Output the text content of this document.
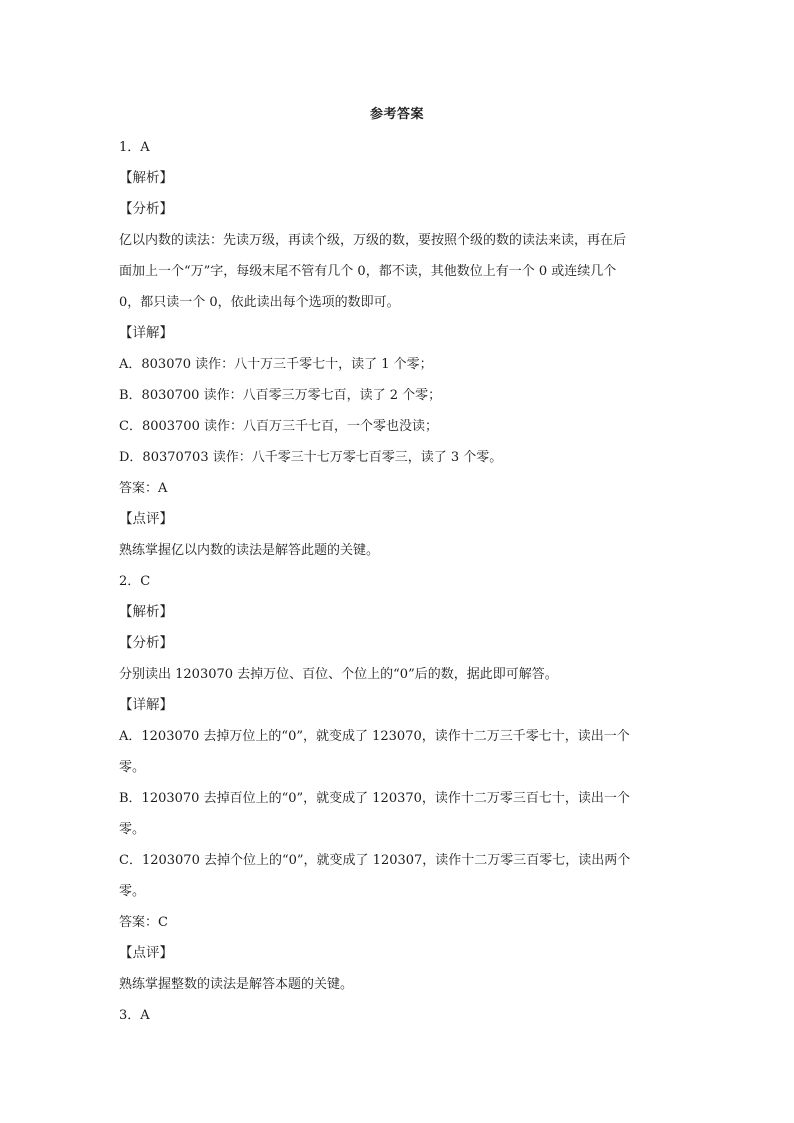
参考答案
1．A
【解析】
【分析】
亿以内数的读法：先读万级，再读个级，万级的数，要按照个级的数的读法来读，再在后
面加上一个“万”字，每级末尾不管有几个 0，都不读，其他数位上有一个 0 或连续几个
0，都只读一个 0，依此读出每个选项的数即可。
【详解】
A．803070 读作：八十万三千零七十，读了 1 个零；
B．8030700 读作：八百零三万零七百，读了 2 个零；
C．8003700 读作：八百万三千七百，一个零也没读；
D．80370703 读作：八千零三十七万零七百零三，读了 3 个零。
答案：A
【点评】
熟练掌握亿以内数的读法是解答此题的关键。
2．C
【解析】
【分析】
分别读出 1203070 去掉万位、百位、个位上的“0”后的数，据此即可解答。
【详解】
A．1203070 去掉万位上的“0”，就变成了 123070，读作十二万三千零七十，读出一个
零。
B．1203070 去掉百位上的“0”，就变成了 120370，读作十二万零三百七十，读出一个
零。
C．1203070 去掉个位上的“0”，就变成了 120307，读作十二万零三百零七，读出两个
零。
答案：C
【点评】
熟练掌握整数的读法是解答本题的关键。
3．A
